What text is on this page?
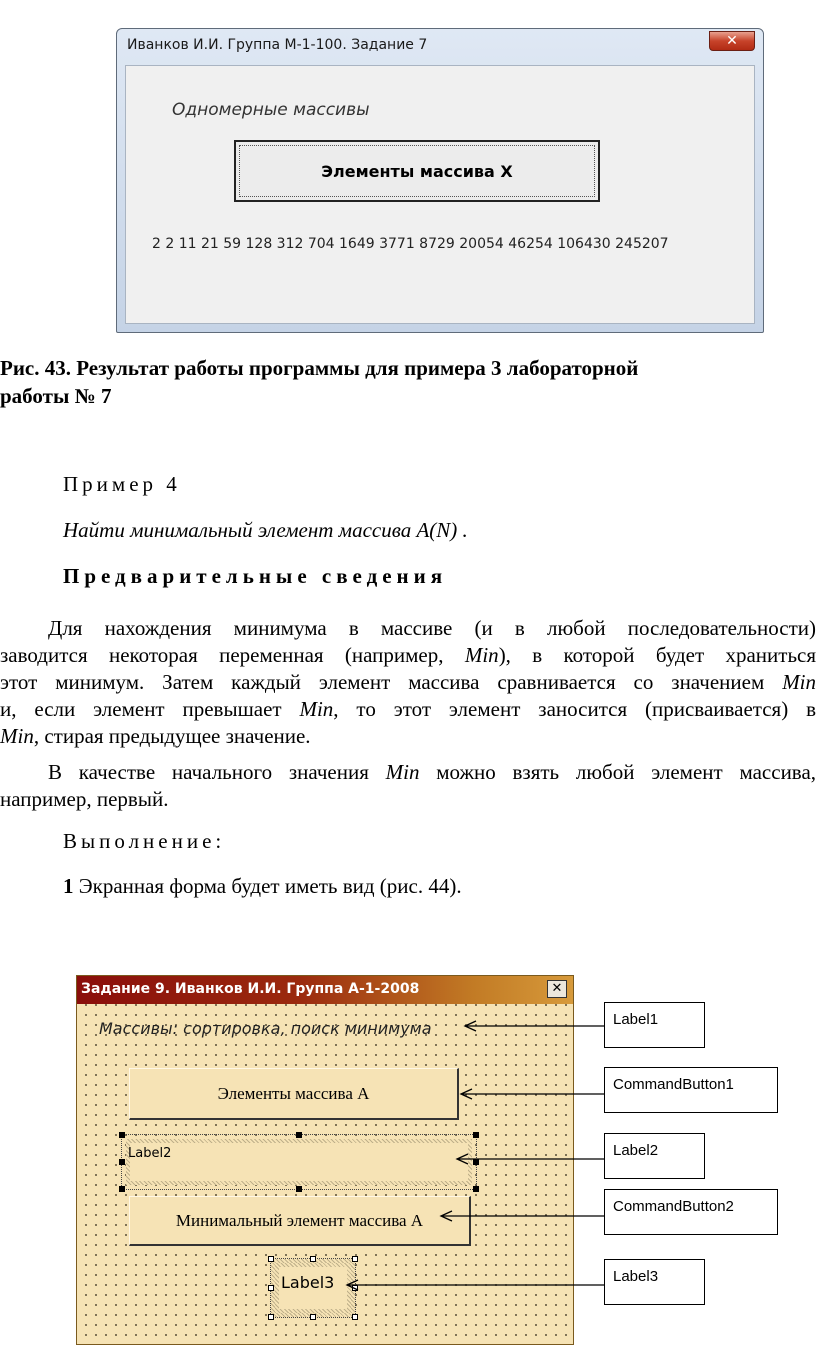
Иванков И.И. Группа М-1-100. Задание 7	✕
Одномерные массивы
Элементы массива X
2 2 11 21 59 128 312 704 1649 3771 8729 20054 46254 106430 245207
Рис. 43. Результат работы программы для примера 3 лабораторной
работы № 7
Пример 4
Найти минимальный элемент массива A(N) .
Предварительные сведения
Для нахождения минимума в массиве (и в любой последовательности)
заводится некоторая переменная (например, Min), в которой будет храниться
этот минимум. Затем каждый элемент массива сравнивается со значением Min
и, если элемент превышает Min, то этот элемент заносится (присваивается) в
Min, стирая предыдущее значение.
В качестве начального значения Min можно взять любой элемент массива,
например, первый.
Выполнение:
1 Экранная форма будет иметь вид (рис. 44).
Задание 9. Иванков И.И. Группа А-1-2008	✕
Массивы: сортировка, поиск минимума
Элементы массива A
Label2
Минимальный элемент массива A
Label3
Label1
CommandButton1
Label2
CommandButton2
Label3
